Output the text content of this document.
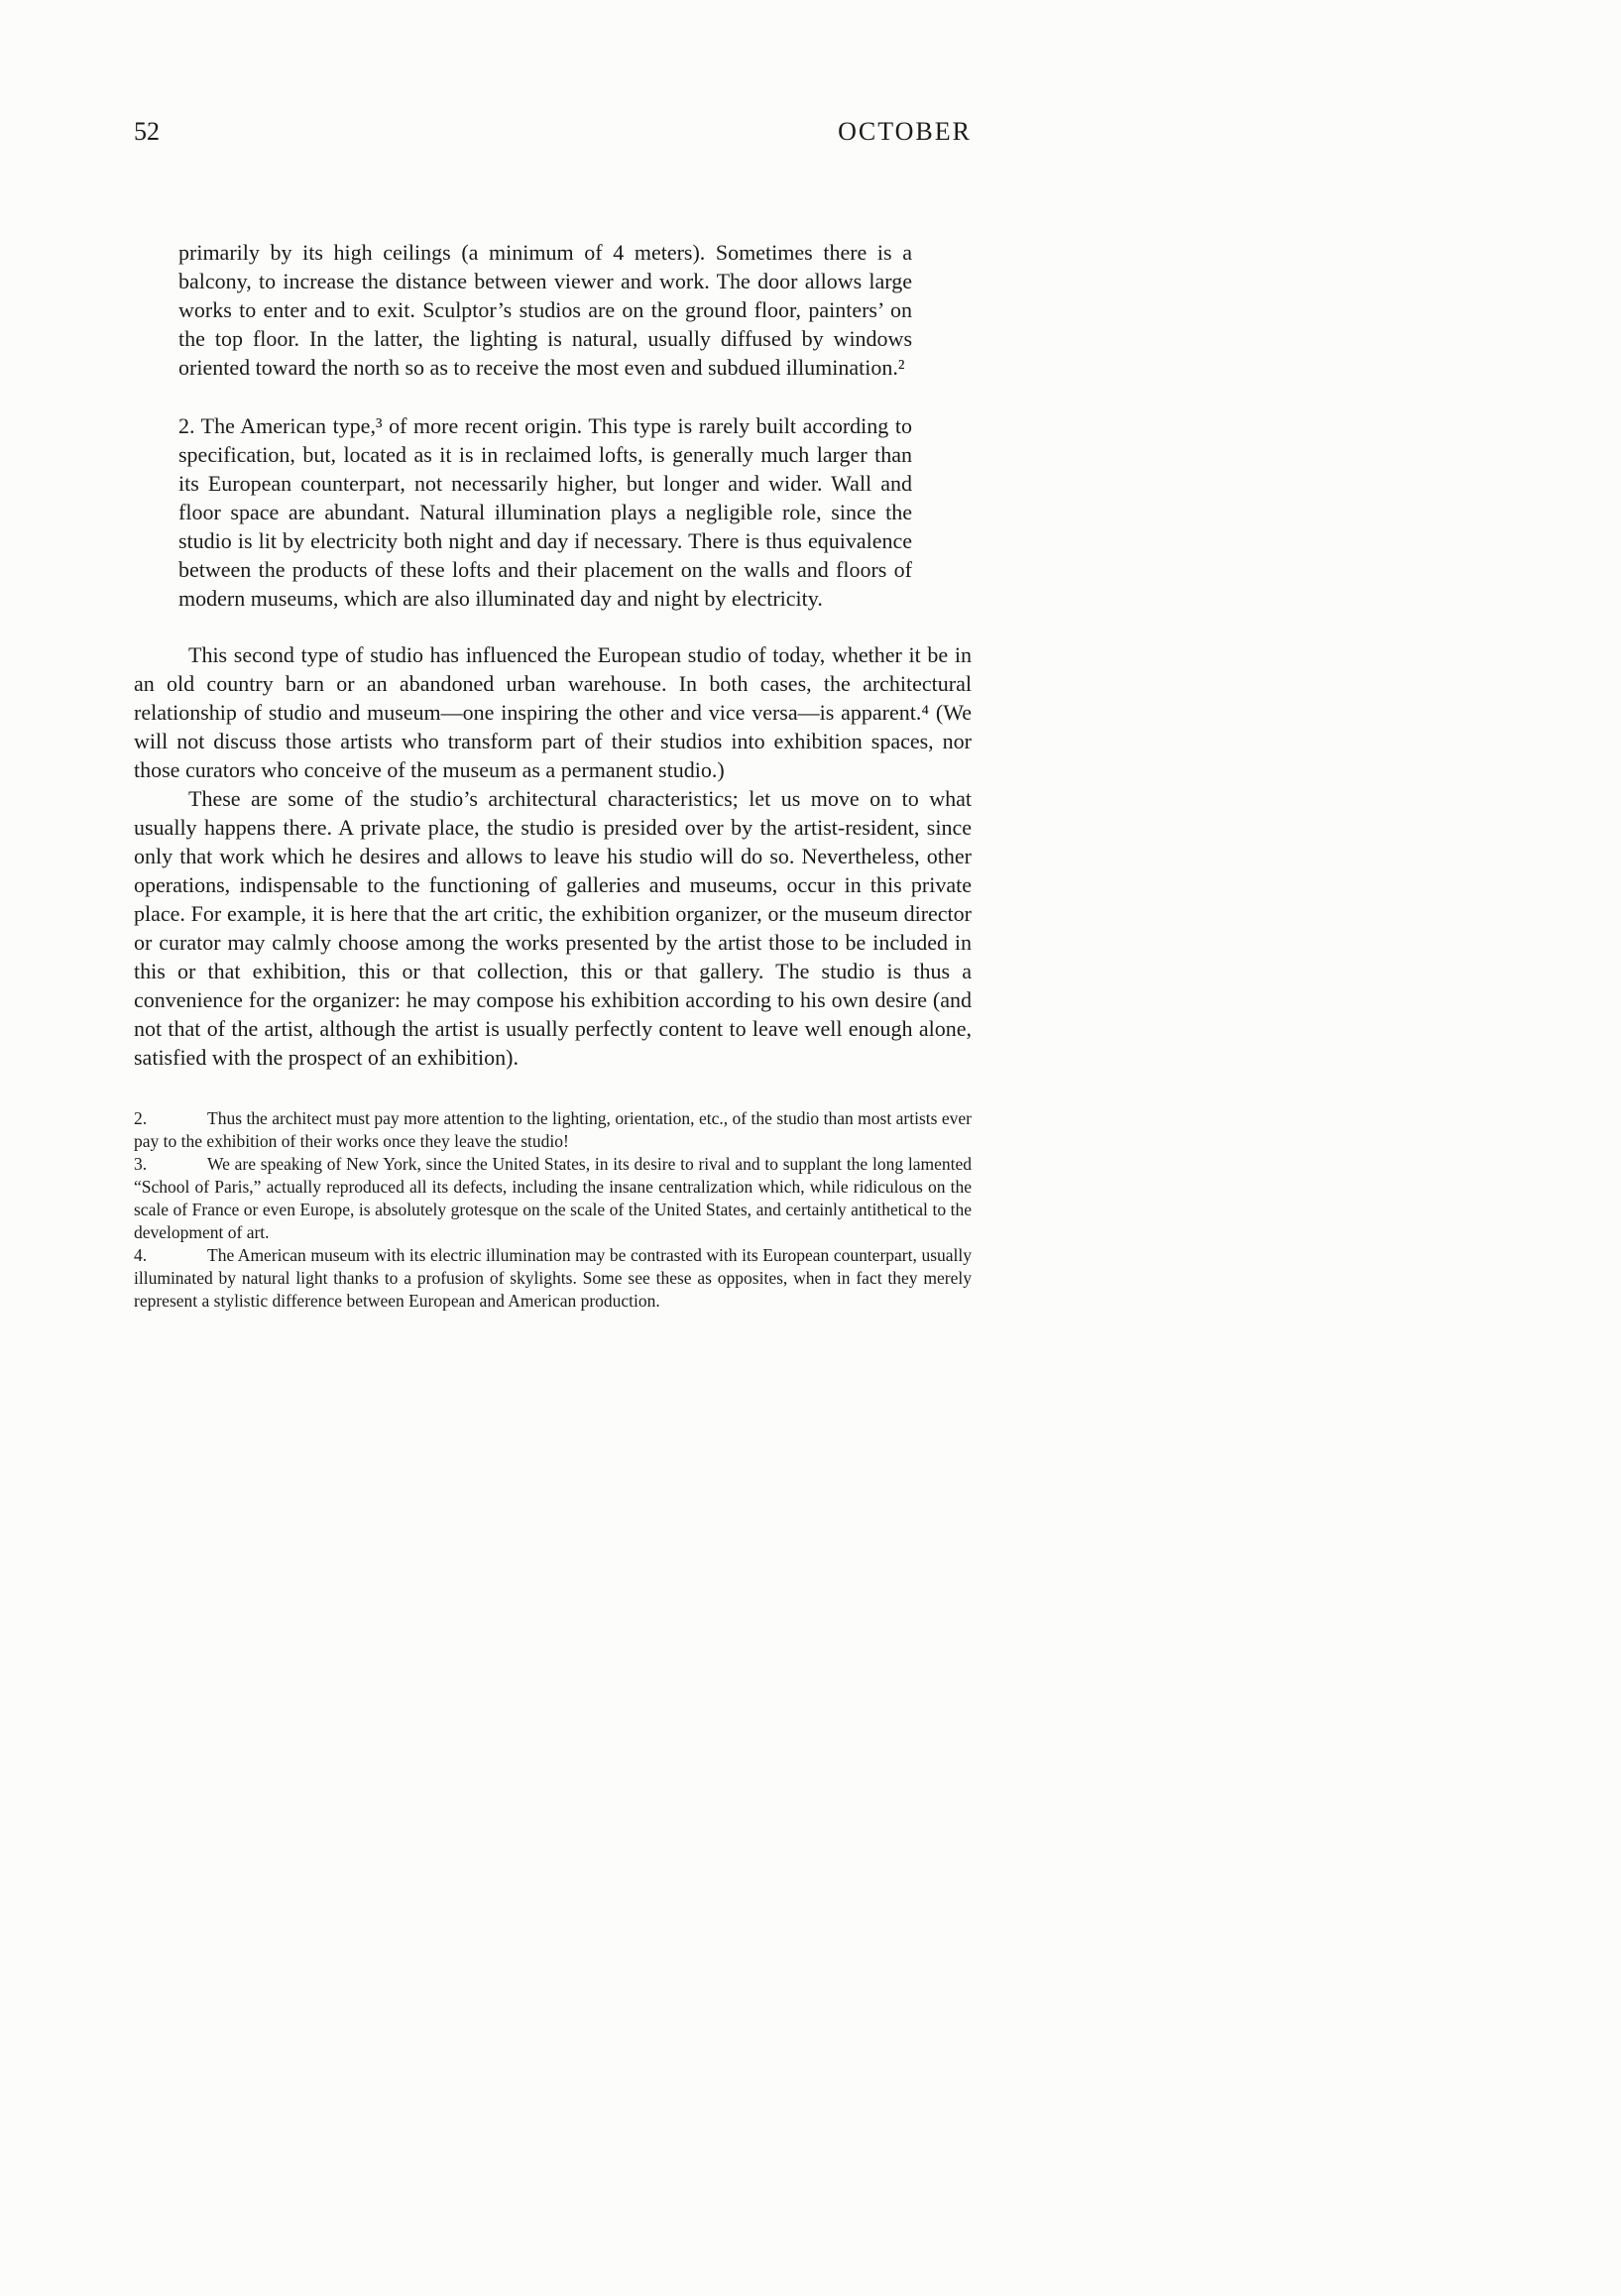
52	OCTOBER

primarily by its high ceilings (a minimum of 4 meters). Sometimes there is a balcony, to increase the distance between viewer and work. The door allows large works to enter and to exit. Sculptor’s studios are on the ground floor, painters’ on the top floor. In the latter, the lighting is natural, usually diffused by windows oriented toward the north so as to receive the most even and subdued illumination.²

2. The American type,³ of more recent origin. This type is rarely built according to specification, but, located as it is in reclaimed lofts, is generally much larger than its European counterpart, not necessarily higher, but longer and wider. Wall and floor space are abundant. Natural illumination plays a negligible role, since the studio is lit by electricity both night and day if necessary. There is thus equivalence between the products of these lofts and their placement on the walls and floors of modern museums, which are also illuminated day and night by electricity.

This second type of studio has influenced the European studio of today, whether it be in an old country barn or an abandoned urban warehouse. In both cases, the architectural relationship of studio and museum—one inspiring the other and vice versa—is apparent.⁴ (We will not discuss those artists who transform part of their studios into exhibition spaces, nor those curators who conceive of the museum as a permanent studio.)

These are some of the studio’s architectural characteristics; let us move on to what usually happens there. A private place, the studio is presided over by the artist-resident, since only that work which he desires and allows to leave his studio will do so. Nevertheless, other operations, indispensable to the functioning of galleries and museums, occur in this private place. For example, it is here that the art critic, the exhibition organizer, or the museum director or curator may calmly choose among the works presented by the artist those to be included in this or that exhibition, this or that collection, this or that gallery. The studio is thus a convenience for the organizer: he may compose his exhibition according to his own desire (and not that of the artist, although the artist is usually perfectly content to leave well enough alone, satisfied with the prospect of an exhibition).

2.	Thus the architect must pay more attention to the lighting, orientation, etc., of the studio than most artists ever pay to the exhibition of their works once they leave the studio!

3.	We are speaking of New York, since the United States, in its desire to rival and to supplant the long lamented “School of Paris,” actually reproduced all its defects, including the insane centralization which, while ridiculous on the scale of France or even Europe, is absolutely grotesque on the scale of the United States, and certainly antithetical to the development of art.

4.	The American museum with its electric illumination may be contrasted with its European counterpart, usually illuminated by natural light thanks to a profusion of skylights. Some see these as opposites, when in fact they merely represent a stylistic difference between European and American production.
